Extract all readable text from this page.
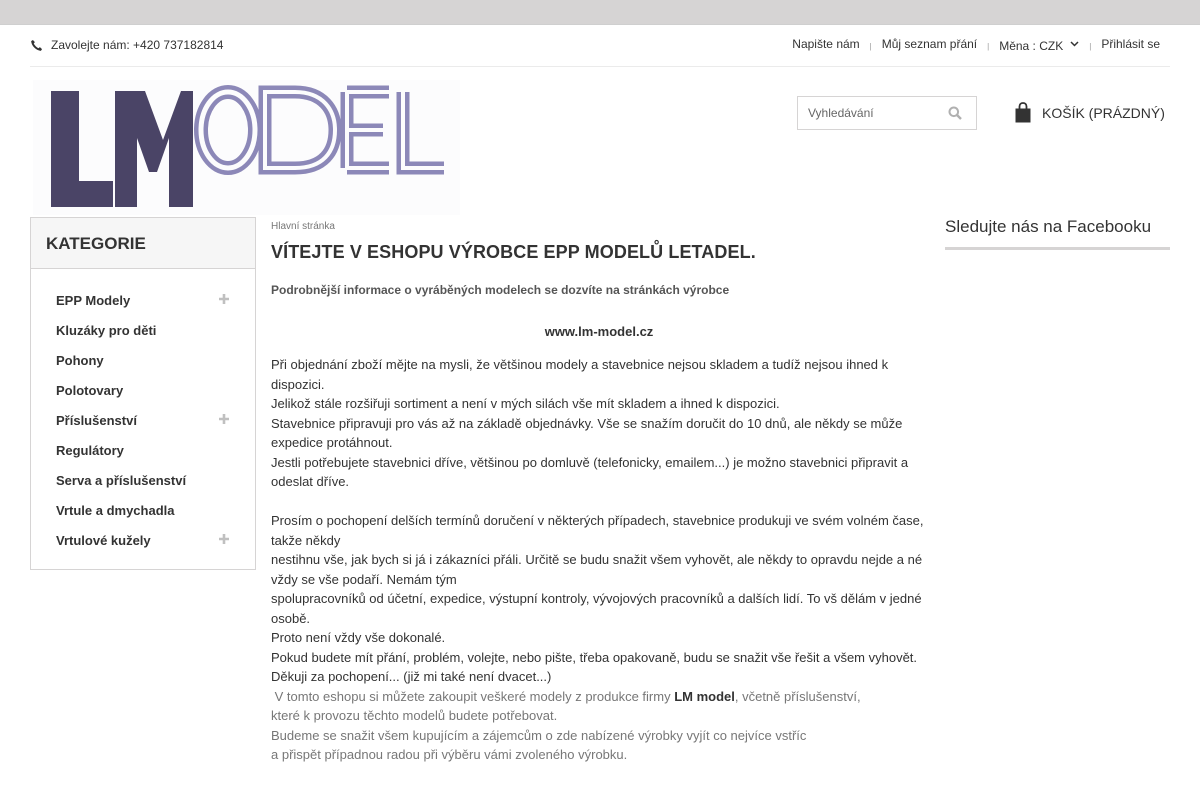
Zavolejte nám: +420 737182814	Napište nám | Můj seznam přání | Měna : CZK	| Přihlásit se
Vyhledávání
KOŠÍK (PRÁZDNÝ)
KATEGORIE
EPP Modely
Kluzáky pro děti
Pohony
Polotovary
Příslušenství
Regulátory
Serva a příslušenství
Vrtule a dmychadla
Vrtulové kužely
Hlavní stránka
VÍTEJTE V ESHOPU VÝROBCE EPP MODELŮ LETADEL.
Podrobnější informace o vyráběných modelech se dozvíte na stránkách výrobce
www.lm-model.cz

Při objednání zboží mějte na mysli, že většinou modely a stavebnice nejsou skladem a tudíž nejsou ihned k dispozici.

Jelikož stále rozšiřuji sortiment a není v mých silách vše mít skladem a ihned k dispozici.

Stavebnice připravuji pro vás až na základě objednávky. Vše se snažím doručit do 10 dnů, ale někdy se může expedice protáhnout.

Jestli potřebujete stavebnici dříve, většinou po domluvě (telefonicky, emailem...) je možno stavebnici připravit a odeslat dříve.

Prosím o pochopení delších termínů doručení v některých případech, stavebnice produkuji ve svém volném čase, takže někdy

nestihnu vše, jak bych si já i zákazníci přáli. Určitě se budu snažit všem vyhovět, ale někdy to opravdu nejde a né vždy se vše podaří. Nemám tým

spolupracovníků od účetní, expedice, výstupní kontroly, vývojových pracovníků a dalších lidí. To vš dělám v jedné osobě.

Proto není vždy vše dokonalé.

Pokud budete mít přání, problém, volejte, nebo pište, třeba opakovaně, budu se snažit vše řešit a všem vyhovět.

Děkuji za pochopení... (již mi také není dvacet...)

V tomto eshopu si můžete zakoupit veškeré modely z produkce firmy LM model, včetně příslušenství,

které k provozu těchto modelů budete potřebovat.

Budeme se snažit všem kupujícím a zájemcům o zde nabízené výrobky vyjít co nejvíce vstříc

a přispět případnou radou při výběru vámi zvoleného výrobku.

Sledujte nás na Facebooku
